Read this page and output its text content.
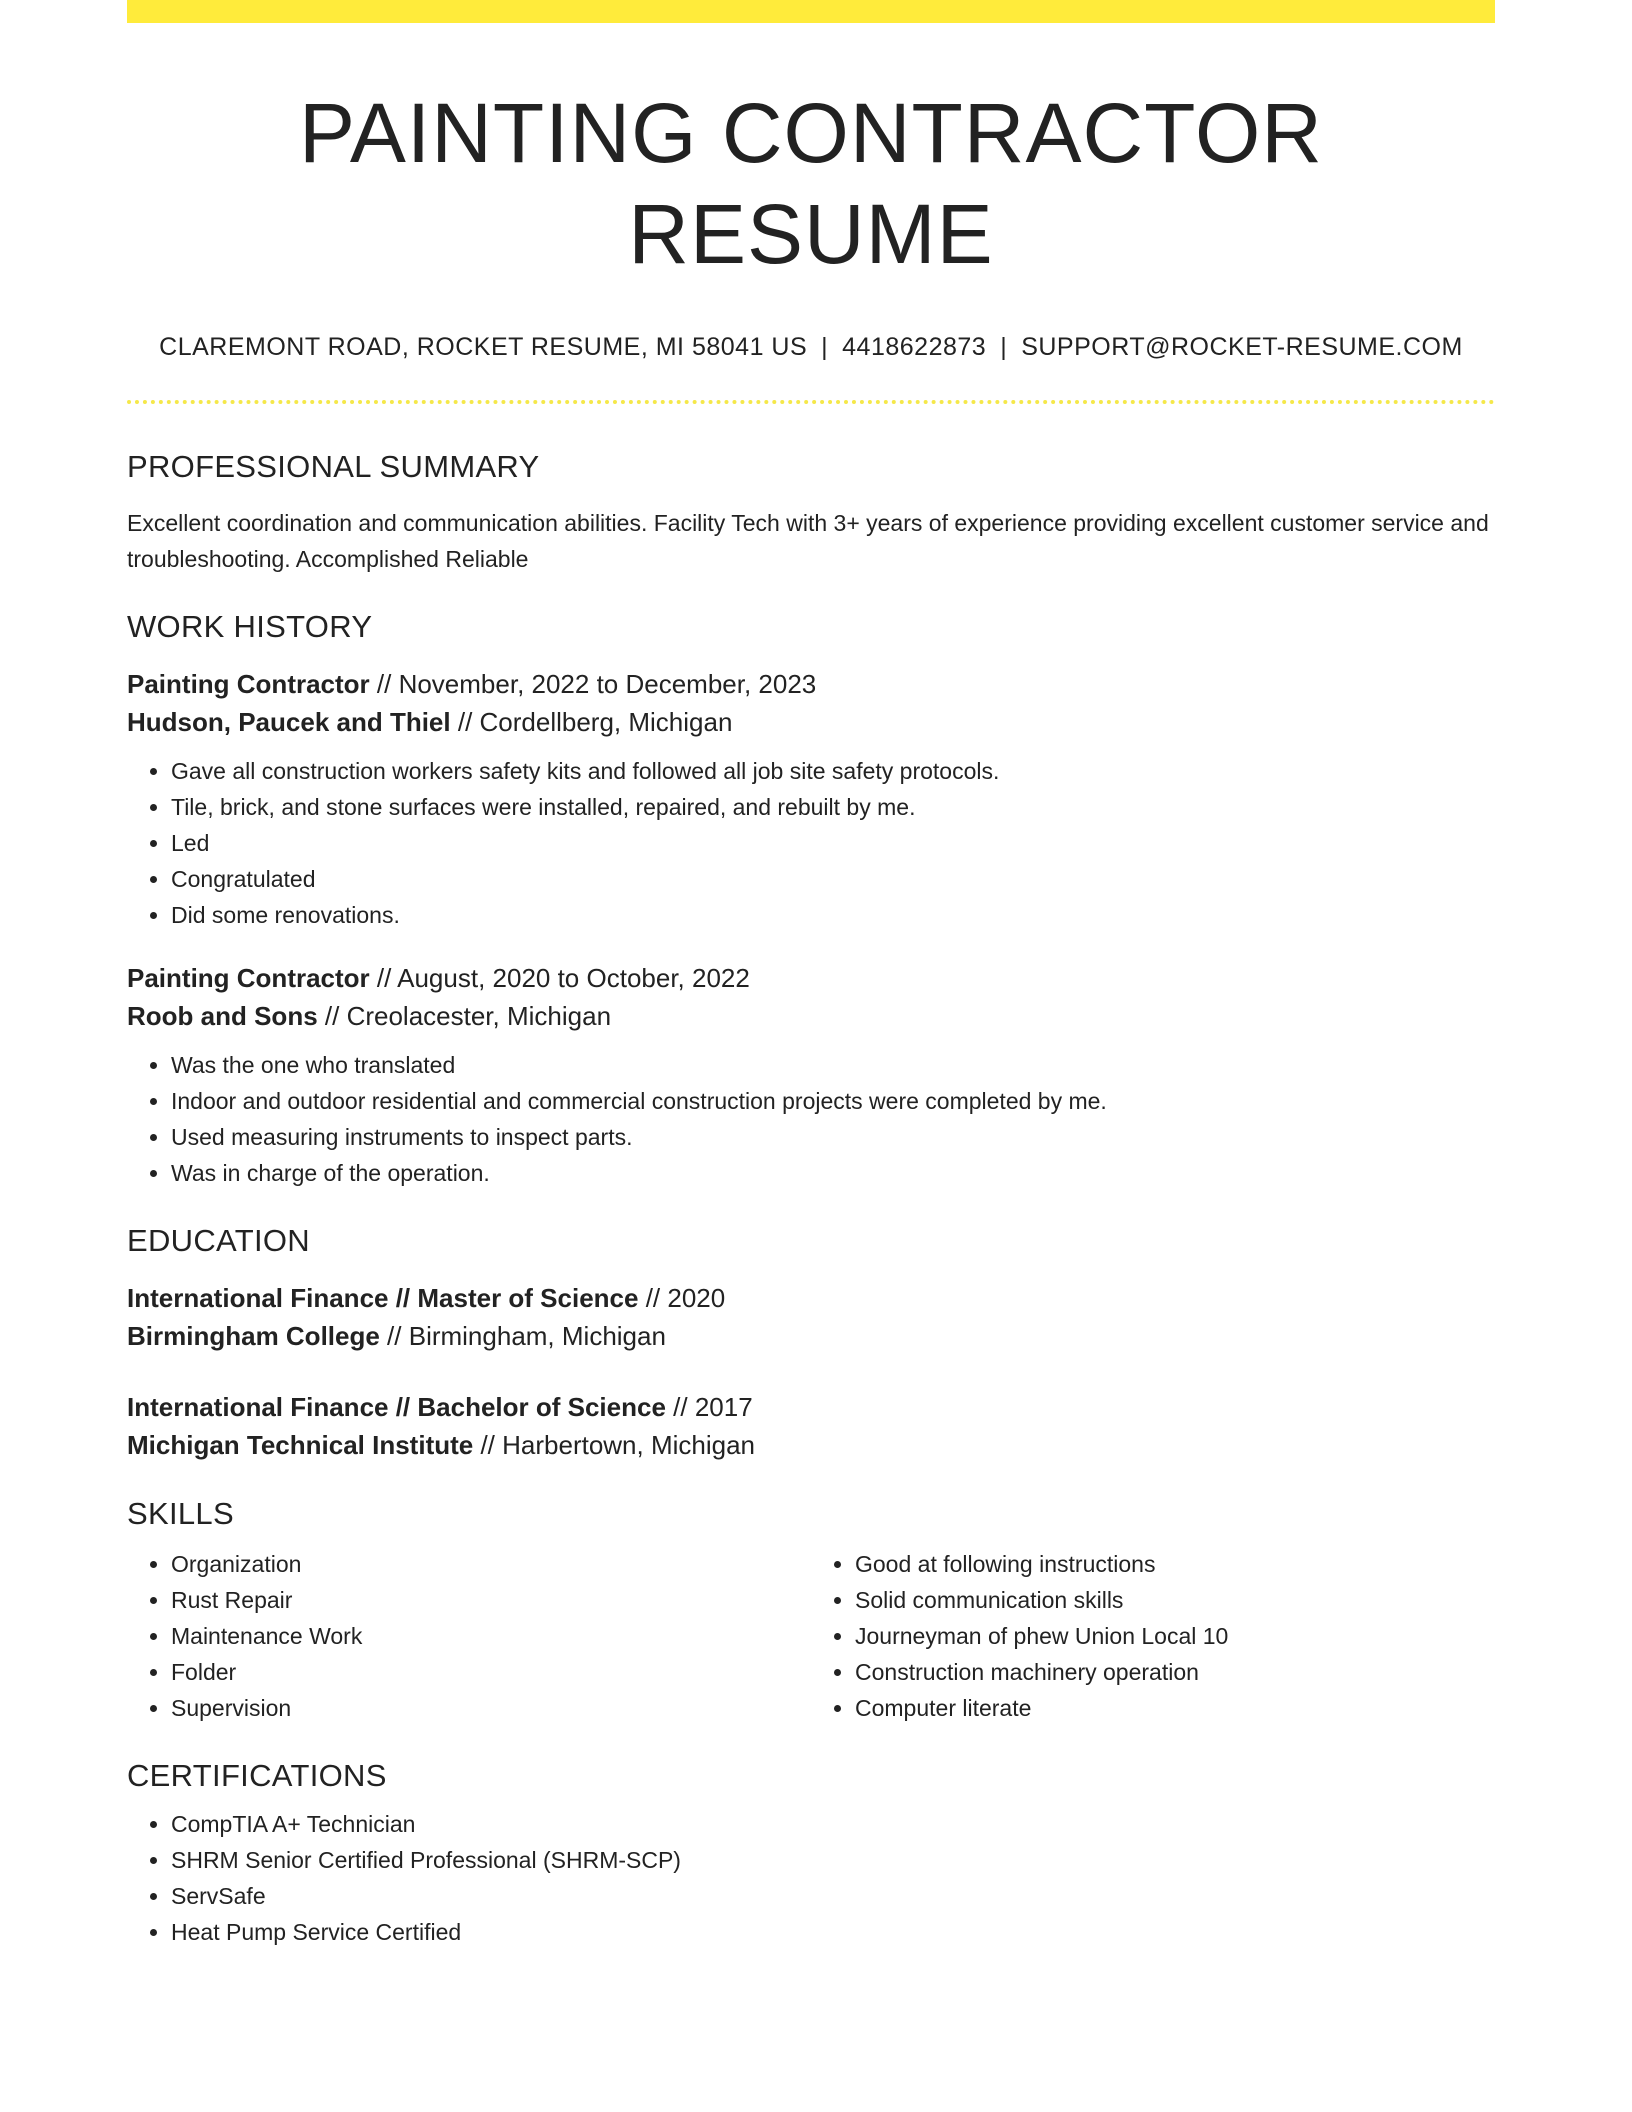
PAINTING CONTRACTOR RESUME
CLAREMONT ROAD, ROCKET RESUME, MI 58041 US | 4418622873 | SUPPORT@ROCKET-RESUME.COM
PROFESSIONAL SUMMARY
Excellent coordination and communication abilities. Facility Tech with 3+ years of experience providing excellent customer service and troubleshooting. Accomplished Reliable
WORK HISTORY
Painting Contractor // November, 2022 to December, 2023
Hudson, Paucek and Thiel // Cordellberg, Michigan
• Gave all construction workers safety kits and followed all job site safety protocols.
• Tile, brick, and stone surfaces were installed, repaired, and rebuilt by me.
• Led
• Congratulated
• Did some renovations.
Painting Contractor // August, 2020 to October, 2022
Roob and Sons // Creolacester, Michigan
• Was the one who translated
• Indoor and outdoor residential and commercial construction projects were completed by me.
• Used measuring instruments to inspect parts.
• Was in charge of the operation.
EDUCATION
International Finance // Master of Science // 2020
Birmingham College // Birmingham, Michigan
International Finance // Bachelor of Science // 2017
Michigan Technical Institute // Harbertown, Michigan
SKILLS
• Organization
• Rust Repair
• Maintenance Work
• Folder
• Supervision
• Good at following instructions
• Solid communication skills
• Journeyman of phew Union Local 10
• Construction machinery operation
• Computer literate
CERTIFICATIONS
• CompTIA A+ Technician
• SHRM Senior Certified Professional (SHRM-SCP)
• ServSafe
• Heat Pump Service Certified
